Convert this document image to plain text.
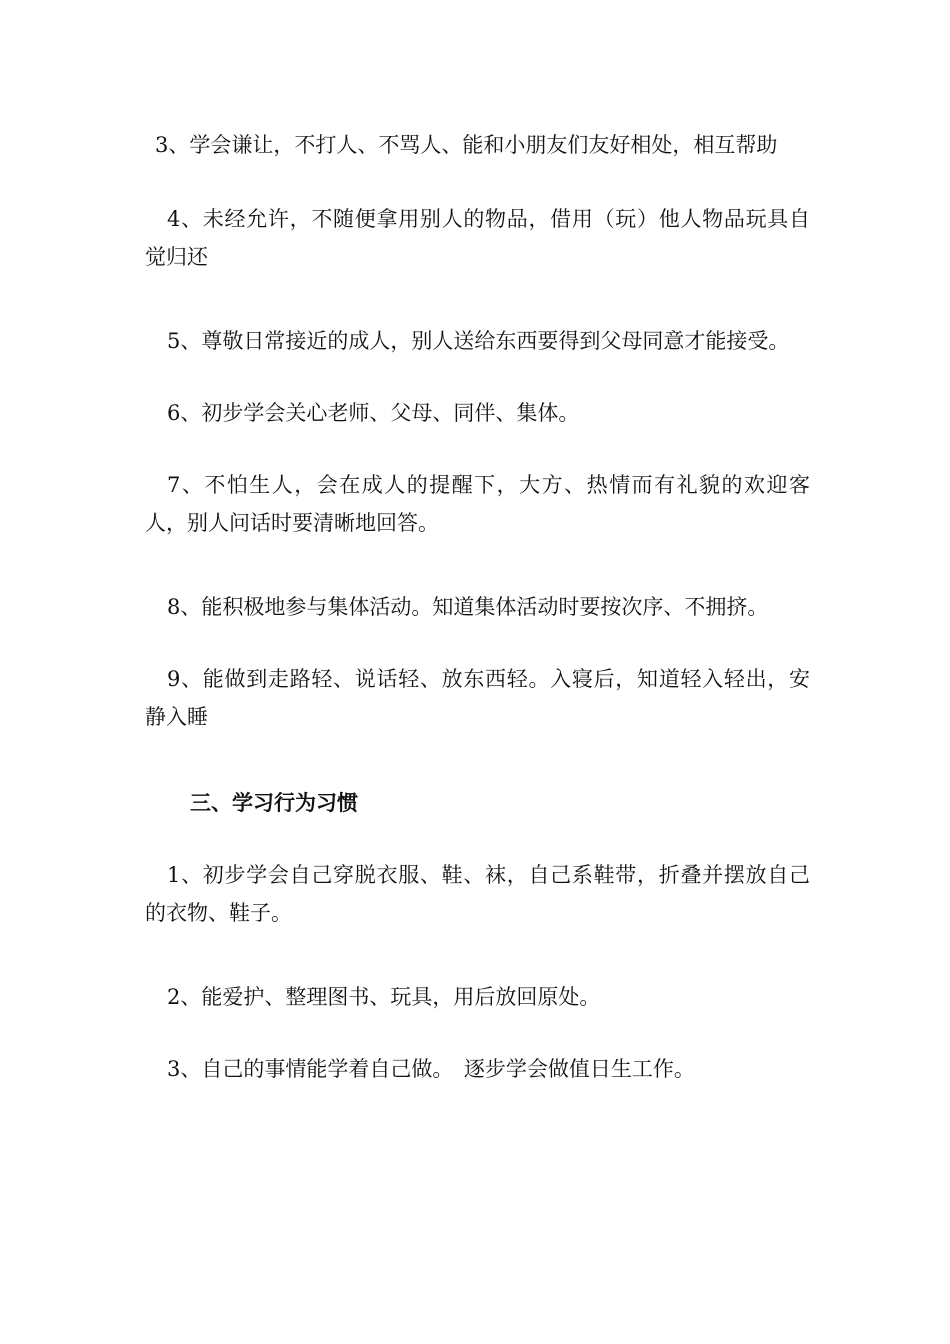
3、学会谦让，不打人、不骂人、能和小朋友们友好相处，相互帮助

4、未经允许，不随便拿用别人的物品，借用（玩）他人物品玩具自觉归还

5、尊敬日常接近的成人，别人送给东西要得到父母同意才能接受。

6、初步学会关心老师、父母、同伴、集体。

7、不怕生人，会在成人的提醒下，大方、热情而有礼貌的欢迎客人，别人问话时要清晰地回答。

8、能积极地参与集体活动。知道集体活动时要按次序、不拥挤。

9、能做到走路轻、说话轻、放东西轻。入寝后，知道轻入轻出，安静入睡

三、学习行为习惯

1、初步学会自己穿脱衣服、鞋、袜，自己系鞋带，折叠并摆放自己的衣物、鞋子。

2、能爱护、整理图书、玩具，用后放回原处。

3、自己的事情能学着自己做。　逐步学会做值日生工作。
